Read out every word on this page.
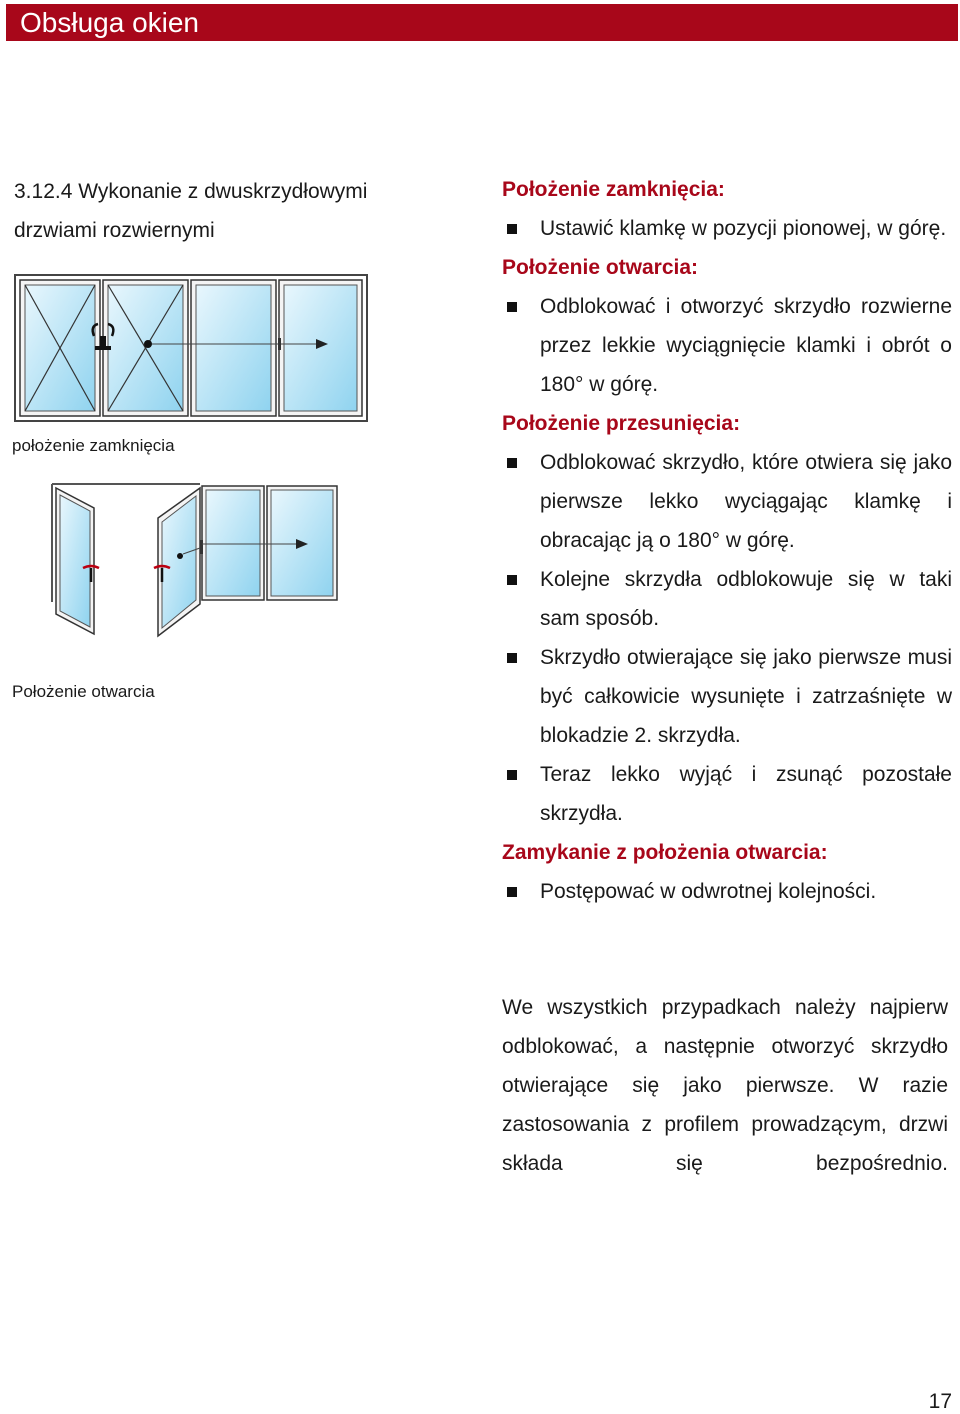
Obsługa okien
3.12.4 Wykonanie z dwuskrzydłowymi drzwiami rozwiernymi
położenie zamknięcia
Położenie otwarcia
Położenie zamknięcia:
Ustawić klamkę w pozycji pionowej, w górę.
Położenie otwarcia:
Odblokować i otworzyć skrzydło rozwierne przez lekkie wyciągnięcie klamki i obrót o 180° w górę.
Położenie przesunięcia:
Odblokować skrzydło, które otwiera się jako pierwsze lekko wyciągając klamkę i obracając ją o 180° w górę.
Kolejne skrzydła odblokowuje się w taki sam sposób.
Skrzydło otwierające się jako pierwsze musi być całkowicie wysunięte i zatrzaśnięte w blokadzie 2. skrzydła.
Teraz lekko wyjąć i zsunąć pozostałe skrzydła.
Zamykanie z położenia otwarcia:
Postępować w odwrotnej kolejności.
We wszystkich przypadkach należy najpierw odblokować, a następnie otworzyć skrzydło otwierające się jako pierwsze. W razie zastosowania z profilem prowadzącym, drzwi składa się bezpośrednio.
17
